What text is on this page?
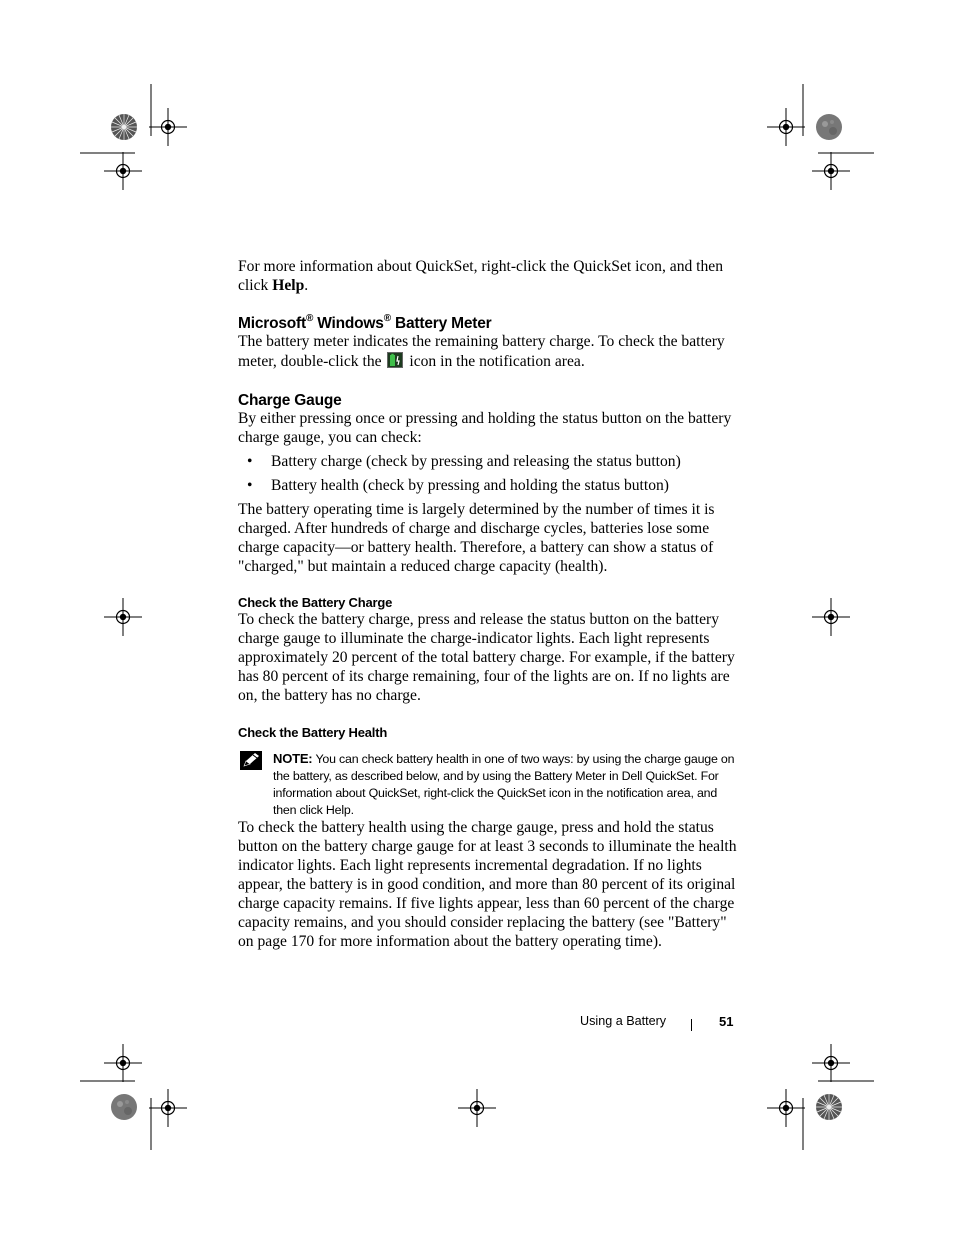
For more information about QuickSet, right-click the QuickSet icon, and then click Help.

Microsoft® Windows® Battery Meter

The battery meter indicates the remaining battery charge. To check the battery meter, double-click the  icon in the notification area.

Charge Gauge

By either pressing once or pressing and holding the status button on the battery charge gauge, you can check:

• Battery charge (check by pressing and releasing the status button)
• Battery health (check by pressing and holding the status button)

The battery operating time is largely determined by the number of times it is charged. After hundreds of charge and discharge cycles, batteries lose some charge capacity—or battery health. Therefore, a battery can show a status of "charged," but maintain a reduced charge capacity (health).

Check the Battery Charge

To check the battery charge, press and release the status button on the battery charge gauge to illuminate the charge-indicator lights. Each light represents approximately 20 percent of the total battery charge. For example, if the battery has 80 percent of its charge remaining, four of the lights are on. If no lights are on, the battery has no charge.

Check the Battery Health
NOTE: You can check battery health in one of two ways: by using the charge gauge on the battery, as described below, and by using the Battery Meter in Dell QuickSet. For information about QuickSet, right-click the QuickSet icon in the notification area, and then click Help.

To check the battery health using the charge gauge, press and hold the status button on the battery charge gauge for at least 3 seconds to illuminate the health indicator lights. Each light represents incremental degradation. If no lights appear, the battery is in good condition, and more than 80 percent of its original charge capacity remains. If five lights appear, less than 60 percent of the charge capacity remains, and you should consider replacing the battery (see "Battery" on page 170 for more information about the battery operating time).

Using a Battery	51
